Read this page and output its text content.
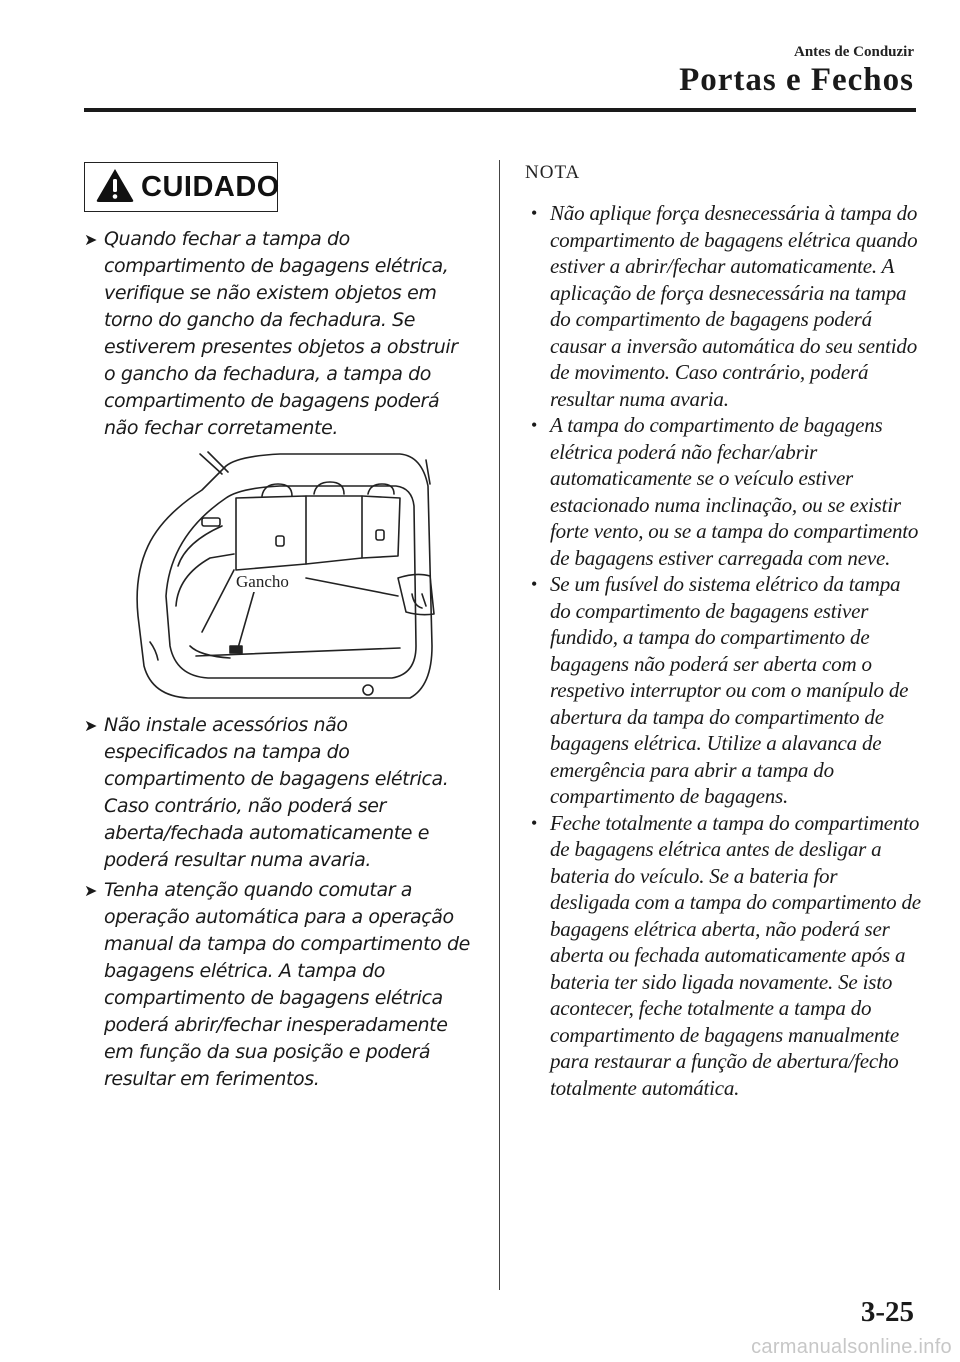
Antes de Conduzir
Portas e Fechos
CUIDADO
➤ Quando fechar a tampa do compartimento de bagagens elétrica, verifique se não existem objetos em torno do gancho da fechadura. Se estiverem presentes objetos a obstruir o gancho da fechadura, a tampa do compartimento de bagagens poderá não fechar corretamente.
Gancho
➤ Não instale acessórios não especificados na tampa do compartimento de bagagens elétrica. Caso contrário, não poderá ser aberta/fechada automaticamente e poderá resultar numa avaria.
➤ Tenha atenção quando comutar a operação automática para a operação manual da tampa do compartimento de bagagens elétrica. A tampa do compartimento de bagagens elétrica poderá abrir/fechar inesperadamente em função da sua posição e poderá resultar em ferimentos.
NOTA
• Não aplique força desnecessária à tampa do compartimento de bagagens elétrica quando estiver a abrir/fechar automaticamente. A aplicação de força desnecessária na tampa do compartimento de bagagens poderá causar a inversão automática do seu sentido de movimento. Caso contrário, poderá resultar numa avaria.
• A tampa do compartimento de bagagens elétrica poderá não fechar/abrir automaticamente se o veículo estiver estacionado numa inclinação, ou se existir forte vento, ou se a tampa do compartimento de bagagens estiver carregada com neve.
• Se um fusível do sistema elétrico da tampa do compartimento de bagagens estiver fundido, a tampa do compartimento de bagagens não poderá ser aberta com o respetivo interruptor ou com o manípulo de abertura da tampa do compartimento de bagagens elétrica. Utilize a alavanca de emergência para abrir a tampa do compartimento de bagagens.
• Feche totalmente a tampa do compartimento de bagagens elétrica antes de desligar a bateria do veículo. Se a bateria for desligada com a tampa do compartimento de bagagens elétrica aberta, não poderá ser aberta ou fechada automaticamente após a bateria ter sido ligada novamente. Se isto acontecer, feche totalmente a tampa do compartimento de bagagens manualmente para restaurar a função de abertura/fecho totalmente automática.
3-25
carmanualsonline.info
